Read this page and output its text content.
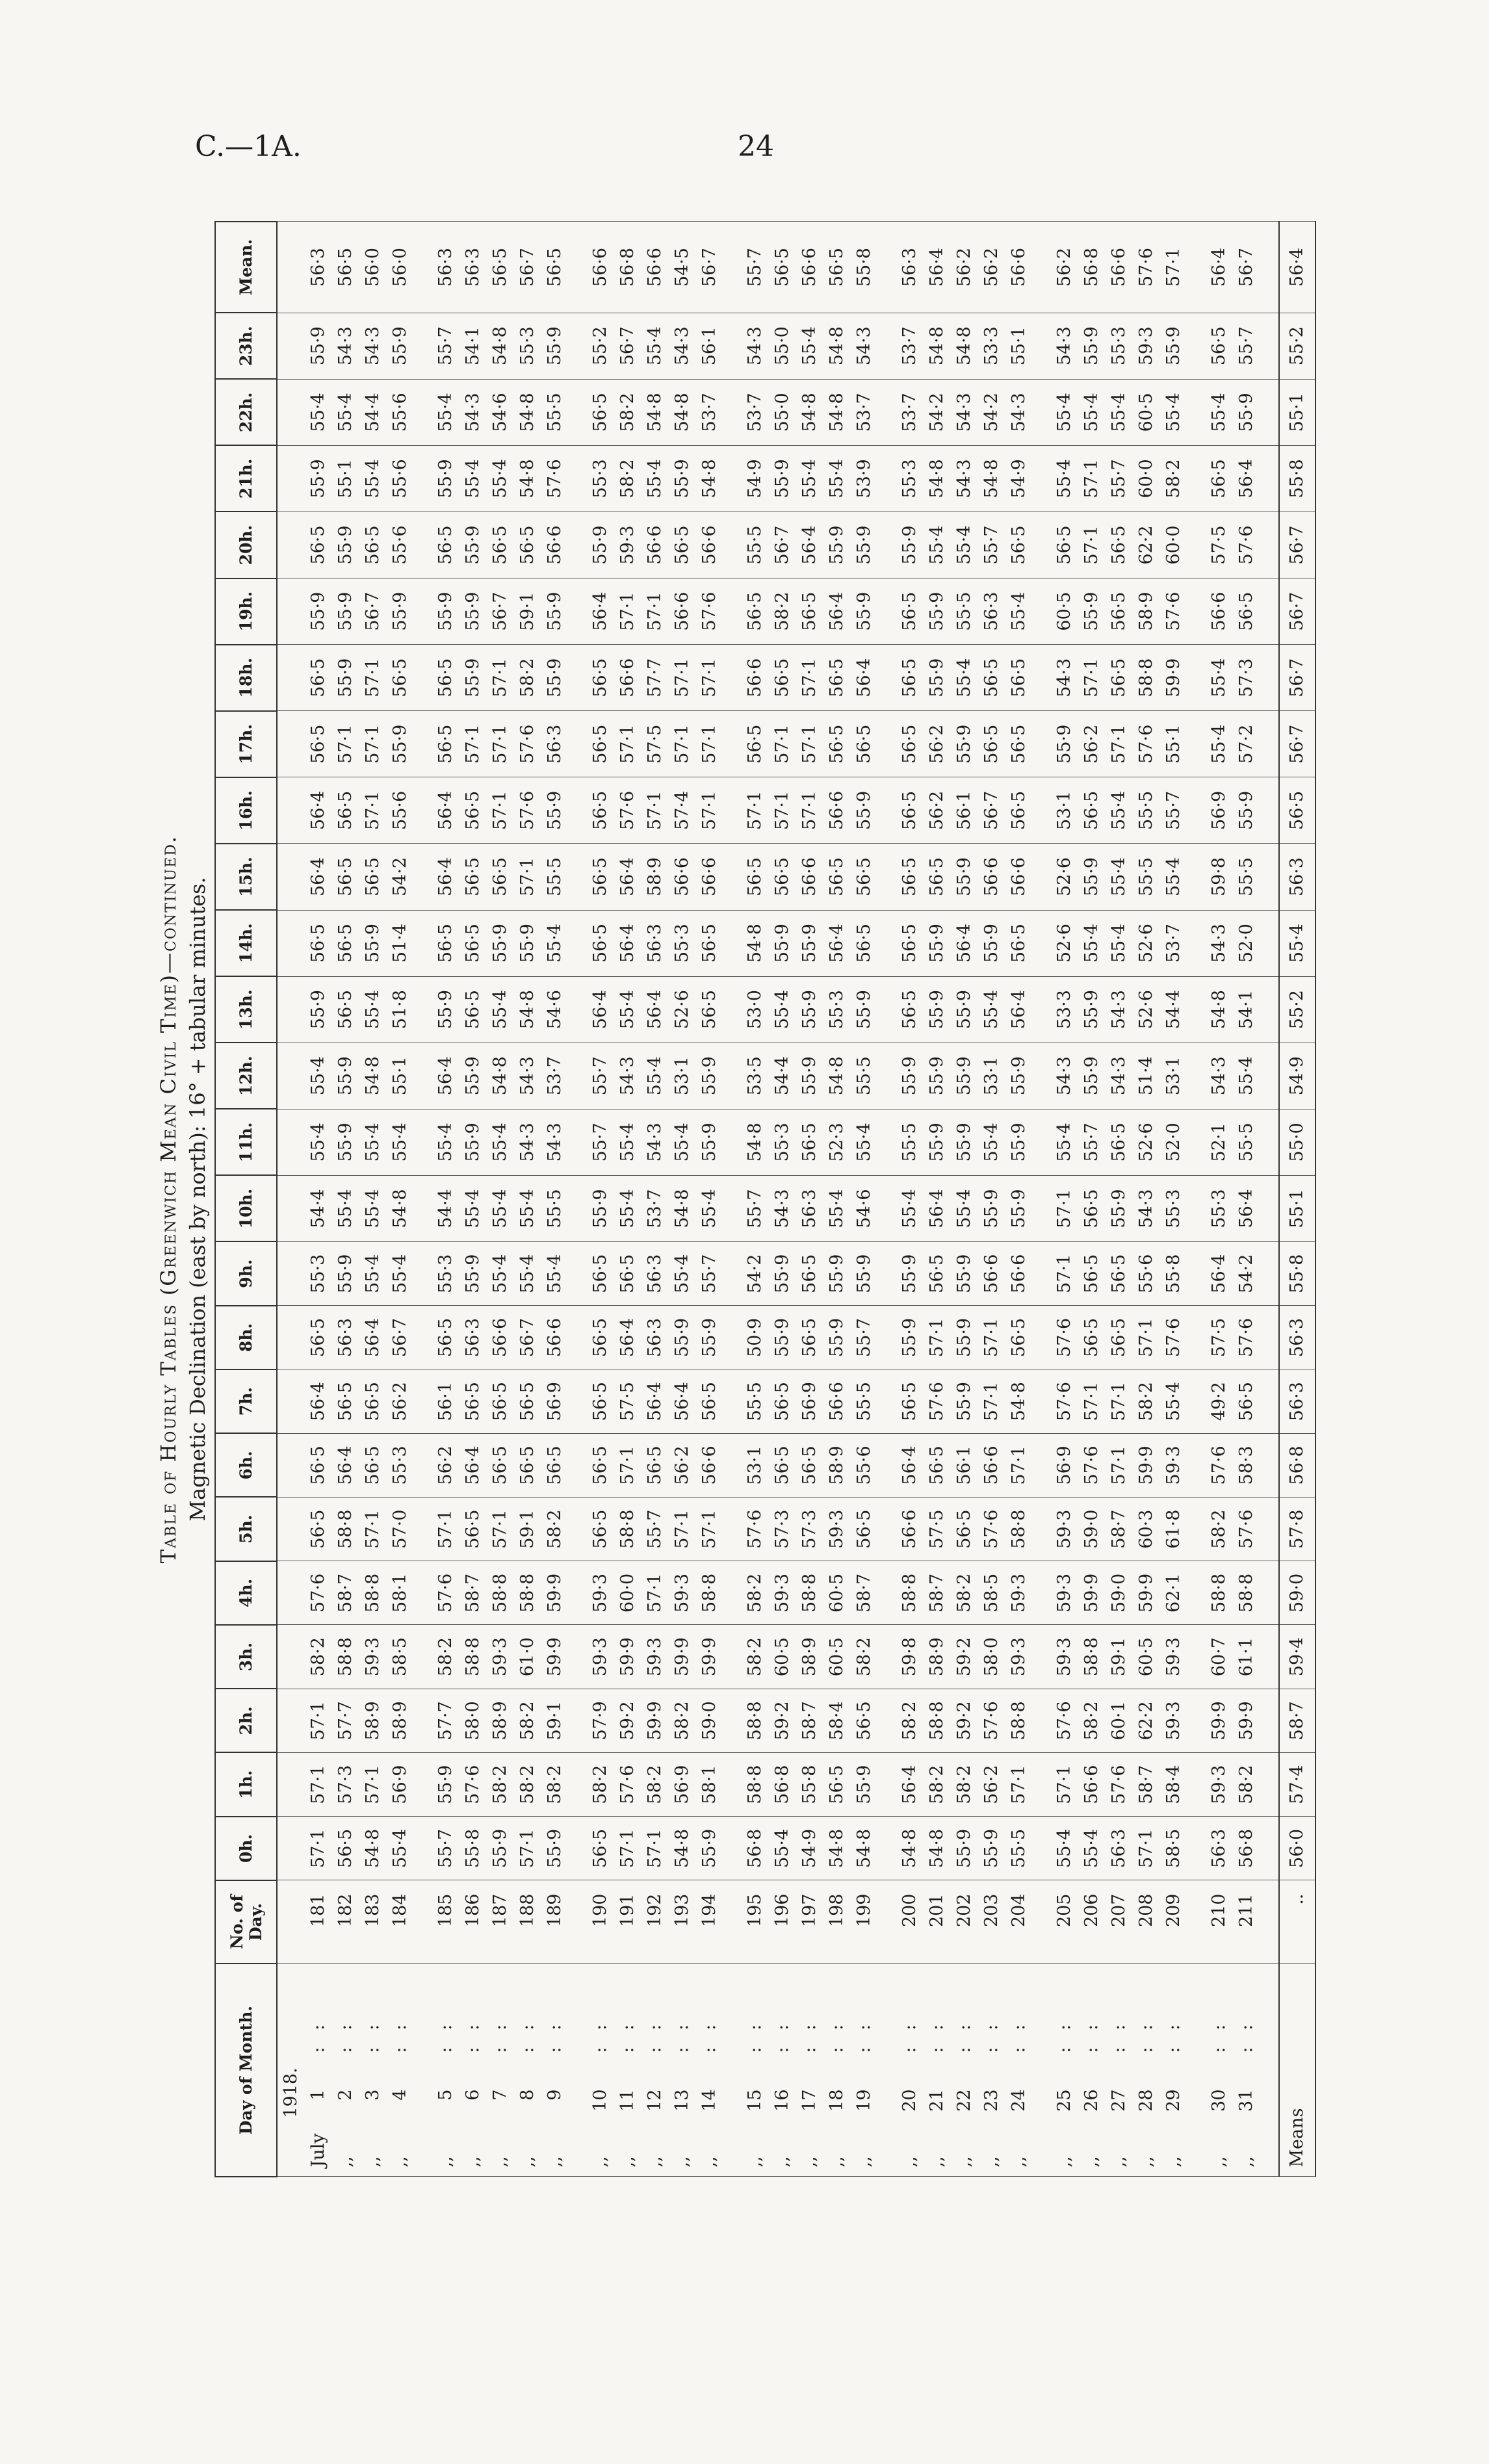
C.—1A.	24
Table of Hourly Tables (Greenwich Mean Civil Time)—continued. Magnetic Declination (east by north): 16° + tabular minutes.
Day of Month.	No. of Day.	0h.	1h.	2h.	3h.	4h.	5h.	6h.	7h.	8h.	9h.	10h.	11h.	12h.	13h.	14h.	15h.	16h.	17h.	18h.	19h.	20h.	21h.	22h.	23h.	Mean.
1918.																										
July1:   :	181	57·1	57·1	57·1	58·2	57·6	56·5	56·5	56·4	56·5	55·3	54·4	55·4	55·4	55·9	56·5	56·4	56·4	56·5	56·5	55·9	56·5	55·9	55·4	55·9	56·3
,,2:   :	182	56·5	57·3	57·7	58·8	58·7	58·8	56·4	56·5	56·3	55·9	55·4	55·9	55·9	56·5	56·5	56·5	56·5	57·1	55·9	55·9	55·9	55·1	55·4	54·3	56·5
,,3:   :	183	54·8	57·1	58·9	59·3	58·8	57·1	56·5	56·5	56·4	55·4	55·4	55·4	54·8	55·4	55·9	56·5	57·1	57·1	57·1	56·7	56·5	55·4	54·4	54·3	56·0
,,4:   :	184	55·4	56·9	58·9	58·5	58·1	57·0	55·3	56·2	56·7	55·4	54·8	55·4	55·1	51·8	51·4	54·2	55·6	55·9	56·5	55·9	55·6	55·6	55·6	55·9	56·0

,,5:   :	185	55·7	55·9	57·7	58·2	57·6	57·1	56·2	56·1	56·5	55·3	54·4	55·4	56·4	55·9	56·5	56·4	56·4	56·5	56·5	55·9	56·5	55·9	55·4	55·7	56·3
,,6:   :	186	55·8	57·6	58·0	58·8	58·7	56·5	56·4	56·5	56·3	55·9	55·4	55·9	55·9	56·5	56·5	56·5	56·5	57·1	55·9	55·9	55·9	55·4	54·3	54·1	56·3
,,7:   :	187	55·9	58·2	58·9	59·3	58·8	57·1	56·5	56·5	56·6	55·4	55·4	55·4	54·8	55·4	55·9	56·5	57·1	57·1	57·1	56·7	56·5	55·4	54·6	54·8	56·5
,,8:   :	188	57·1	58·2	58·2	61·0	58·8	59·1	56·5	56·5	56·7	55·4	55·4	54·3	54·3	54·8	55·9	57·1	57·6	57·6	58·2	59·1	56·5	54·8	54·8	55·3	56·7
,,9:   :	189	55·9	58·2	59·1	59·9	59·9	58·2	56·5	56·9	56·6	55·4	55·5	54·3	53·7	54·6	55·4	55·5	55·9	56·3	55·9	55·9	56·6	57·6	55·5	55·9	56·5

,,10:   :	190	56·5	58·2	57·9	59·3	59·3	56·5	56·5	56·5	56·5	56·5	55·9	55·7	55·7	56·4	56·5	56·5	56·5	56·5	56·5	56·4	55·9	55·3	56·5	55·2	56·6
,,11:   :	191	57·1	57·6	59·2	59·9	60·0	58·8	57·1	57·5	56·4	56·5	55·4	55·4	54·3	55·4	56·4	56·4	57·6	57·1	56·6	57·1	59·3	58·2	58·2	56·7	56·8
,,12:   :	192	57·1	58·2	59·9	59·3	57·1	55·7	56·5	56·4	56·3	56·3	53·7	54·3	55·4	56·4	56·3	58·9	57·1	57·5	57·7	57·1	56·6	55·4	54·8	55·4	56·6
,,13:   :	193	54·8	56·9	58·2	59·9	59·3	57·1	56·2	56·4	55·9	55·4	54·8	55·4	53·1	52·6	55·3	56·6	57·4	57·1	57·1	56·6	56·5	55·9	54·8	54·3	54·5
,,14:   :	194	55·9	58·1	59·0	59·9	58·8	57·1	56·6	56·5	55·9	55·7	55·4	55·9	55·9	56·5	56·5	56·6	57·1	57·1	57·1	57·6	56·6	54·8	53·7	56·1	56·7

,,15:   :	195	56·8	58·8	58·8	58·2	58·2	57·6	53·1	55·5	50·9	54·2	55·7	54·8	53·5	53·0	54·8	56·5	57·1	56·5	56·6	56·5	55·5	54·9	53·7	54·3	55·7
,,16:   :	196	55·4	56·8	59·2	60·5	59·3	57·3	56·5	56·5	55·9	55·9	54·3	55·3	54·4	55·4	55·9	56·5	57·1	57·1	56·5	58·2	56·7	55·9	55·0	55·0	56·5
,,17:   :	197	54·9	55·8	58·7	58·9	58·8	57·3	56·5	56·9	56·5	56·5	56·3	56·5	55·9	55·9	55·9	56·6	57·1	57·1	57·1	56·5	56·4	55·4	54·8	55·4	56·6
,,18:   :	198	54·8	56·5	58·4	60·5	60·5	59·3	58·9	56·6	55·9	55·9	55·4	52·3	54·8	55·3	56·4	56·5	56·6	56·5	56·5	56·4	55·9	55·4	54·8	54·8	56·5
,,19:   :	199	54·8	55·9	56·5	58·2	58·7	56·5	55·6	55·5	55·7	55·9	54·6	55·4	55·5	55·9	56·5	56·5	55·9	56·5	56·4	55·9	55·9	53·9	53·7	54·3	55·8

,,20:   :	200	54·8	56·4	58·2	59·8	58·8	56·6	56·4	56·5	55·9	55·9	55·4	55·5	55·9	56·5	56·5	56·5	56·5	56·5	56·5	56·5	55·9	55·3	53·7	53·7	56·3
,,21:   :	201	54·8	58·2	58·8	58·9	58·7	57·5	56·5	57·6	57·1	56·5	56·4	55·9	55·9	55·9	55·9	56·5	56·2	56·2	55·9	55·9	55·4	54·8	54·2	54·8	56·4
,,22:   :	202	55·9	58·2	59·2	59·2	58·2	56·5	56·1	55·9	55·9	55·9	55·4	55·9	55·9	55·9	56·4	55·9	56·1	55·9	55·4	55·5	55·4	54·3	54·3	54·8	56·2
,,23:   :	203	55·9	56·2	57·6	58·0	58·5	57·6	56·6	57·1	57·1	56·6	55·9	55·4	53·1	55·4	55·9	56·6	56·7	56·5	56·5	56·3	55·7	54·8	54·2	53·3	56·2
,,24:   :	204	55·5	57·1	58·8	59·3	59·3	58·8	57·1	54·8	56·5	56·6	55·9	55·9	55·9	56·4	56·5	56·6	56·5	56·5	56·5	55·4	56·5	54·9	54·3	55·1	56·6

,,25:   :	205	55·4	57·1	57·6	59·3	59·3	59·3	56·9	57·6	57·6	57·1	57·1	55·4	54·3	53·3	52·6	52·6	53·1	55·9	54·3	60·5	56·5	55·4	55·4	54·3	56·2
,,26:   :	206	55·4	56·6	58·2	58·8	59·9	59·0	57·6	57·1	56·5	56·5	56·5	55·7	55·9	55·9	55·4	55·9	56·5	56·2	57·1	55·9	57·1	57·1	55·4	55·9	56·8
,,27:   :	207	56·3	57·6	60·1	59·1	59·0	58·7	57·1	57·1	56·5	56·5	55·9	56·5	54·3	54·3	55·4	55·4	55·4	57·1	56·5	56·5	56·5	55·7	55·4	55·3	56·6
,,28:   :	208	57·1	58·7	62·2	60·5	59·9	60·3	59·9	58·2	57·1	55·6	54·3	52·6	51·4	52·6	52·6	55·5	55·5	57·6	58·8	58·9	62·2	60·0	60·5	59·3	57·6
,,29:   :	209	58·5	58·4	59·3	59·3	62·1	61·8	59·3	55·4	57·6	55·8	55·3	52·0	53·1	54·4	53·7	55·4	55·7	55·1	59·9	57·6	60·0	58·2	55·4	55·9	57·1

,,30:   :	210	56·3	59·3	59·9	60·7	58·8	58·2	57·6	49·2	57·5	56·4	55·3	52·1	54·3	54·8	54·3	59·8	56·9	55·4	55·4	56·6	57·5	56·5	55·4	56·5	56·4
,,31:   :	211	56·8	58·2	59·9	61·1	58·8	57·6	58·3	56·5	57·6	54·2	56·4	55·5	55·4	54·1	52·0	55·5	55·9	57·2	57·3	56·5	57·6	56·4	55·9	55·7	56·7

Means	..	56·0	57·4	58·7	59·4	59·0	57·8	56·8	56·3	56·3	55·8	55·1	55·0	54·9	55·2	55·4	56·3	56·5	56·7	56·7	56·7	56·7	55·8	55·1	55·2	56·4
